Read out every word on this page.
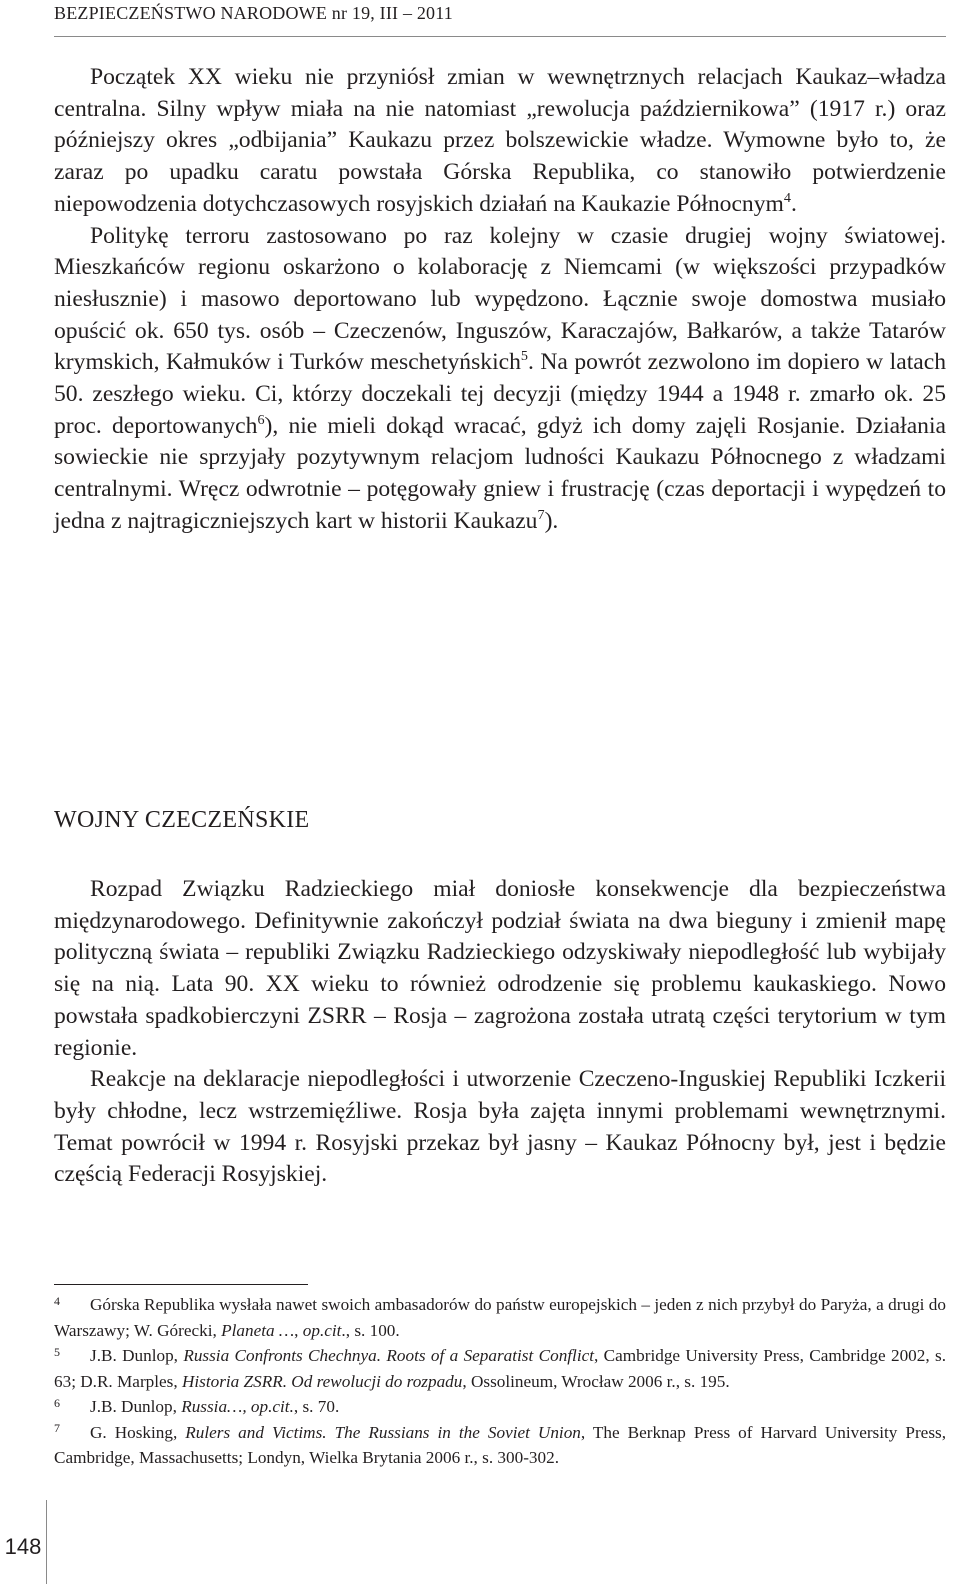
BEZPIECZEŃSTWO NARODOWE nr 19, III – 2011

Początek XX wieku nie przyniósł zmian w wewnętrznych relacjach Kaukaz–władza centralna. Silny wpływ miała na nie natomiast „rewolucja październikowa” (1917 r.) oraz późniejszy okres „odbijania” Kaukazu przez bolszewickie władze. Wymowne było to, że zaraz po upadku caratu powstała Górska Republika, co stanowiło potwierdzenie niepowodzenia dotychczasowych rosyjskich działań na Kaukazie Północnym$^4$.

Politykę terroru zastosowano po raz kolejny w czasie drugiej wojny światowej. Mieszkańców regionu oskarżono o kolaborację z Niemcami (w większości przypadków niesłusznie) i masowo deportowano lub wypędzono. Łącznie swoje domostwa musiało opuścić ok. 650 tys. osób – Czeczenów, Inguszów, Karaczajów, Bałkarów, a także Tatarów krymskich, Kałmuków i Turków meschetyńskich$^5$. Na powrót zezwolono im dopiero w latach 50. zeszłego wieku. Ci, którzy doczekali tej decyzji (między 1944 a 1948 r. zmarło ok. 25 proc. deportowanych$^6$), nie mieli dokąd wracać, gdyż ich domy zajęli Rosjanie. Działania sowieckie nie sprzyjały pozytywnym relacjom ludności Kaukazu Północnego z władzami centralnymi. Wręcz odwrotnie – potęgowały gniew i frustrację (czas deportacji i wypędzeń to jedna z najtragiczniejszych kart w historii Kaukazu$^7$).

WOJNY CZECZEŃSKIE

Rozpad Związku Radzieckiego miał doniosłe konsekwencje dla bezpieczeństwa międzynarodowego. Definitywnie zakończył podział świata na dwa bieguny i zmienił mapę polityczną świata – republiki Związku Radzieckiego odzyskiwały niepodległość lub wybijały się na nią. Lata 90. XX wieku to również odrodzenie się problemu kaukaskiego. Nowo powstała spadkobierczyni ZSRR – Rosja – zagrożona została utratą części terytorium w tym regionie.

Reakcje na deklaracje niepodległości i utworzenie Czeczeno-Inguskiej Republiki Iczkerii były chłodne, lecz wstrzemięźliwe. Rosja była zajęta innymi problemami wewnętrznymi. Temat powrócił w 1994 r. Rosyjski przekaz był jasny – Kaukaz Północny był, jest i będzie częścią Federacji Rosyjskiej.

4 Górska Republika wysłała nawet swoich ambasadorów do państw europejskich – jeden z nich przybył do Paryża, a drugi do Warszawy; W. Górecki, Planeta …, op.cit., s. 100.
5 J.B. Dunlop, Russia Confronts Chechnya. Roots of a Separatist Conflict, Cambridge University Press, Cambridge 2002, s. 63; D.R. Marples, Historia ZSRR. Od rewolucji do rozpadu, Ossolineum, Wrocław 2006 r., s. 195.
6 J.B. Dunlop, Russia…, op.cit., s. 70.
7 G. Hosking, Rulers and Victims. The Russians in the Soviet Union, The Berknap Press of Harvard University Press, Cambridge, Massachusetts; Londyn, Wielka Brytania 2006 r., s. 300-302.
148
